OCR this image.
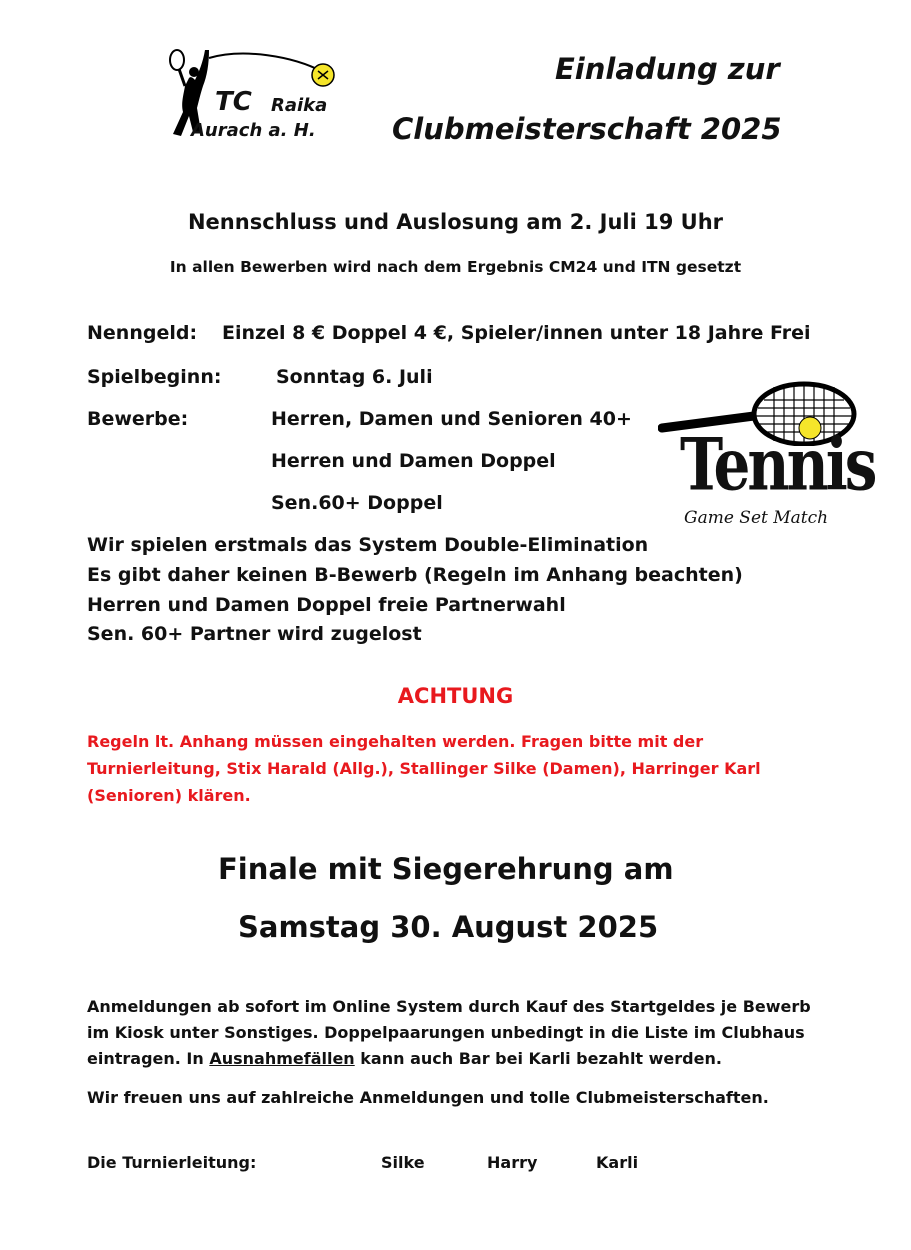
TC Raika
Aurach a. H.
Einladung zur
Clubmeisterschaft 2025
Nennschluss und Auslosung am 2. Juli 19 Uhr
In allen Bewerben wird nach dem Ergebnis CM24 und ITN gesetzt
Nenngeld: Einzel 8 € Doppel 4 €, Spieler/innen unter 18 Jahre Frei
Spielbeginn:	Sonntag 6. Juli
Bewerbe:	Herren, Damen und Senioren 40+
Herren und Damen Doppel
Sen.60+ Doppel	Tennis
Game Set Match
Wir spielen erstmals das System Double-Elimination
Es gibt daher keinen B-Bewerb (Regeln im Anhang beachten)
Herren und Damen Doppel freie Partnerwahl
Sen. 60+ Partner wird zugelost
ACHTUNG
Regeln lt. Anhang müssen eingehalten werden. Fragen bitte mit der
Turnierleitung, Stix Harald (Allg.), Stallinger Silke (Damen), Harringer Karl
(Senioren) klären.
Finale mit Siegerehrung am
Samstag 30. August 2025
Anmeldungen ab sofort im Online System durch Kauf des Startgeldes je Bewerb
im Kiosk unter Sonstiges. Doppelpaarungen unbedingt in die Liste im Clubhaus
eintragen. In Ausnahmefällen kann auch Bar bei Karli bezahlt werden.
Wir freuen uns auf zahlreiche Anmeldungen und tolle Clubmeisterschaften.
Die Turnierleitung:	Silke	Harry	Karli
